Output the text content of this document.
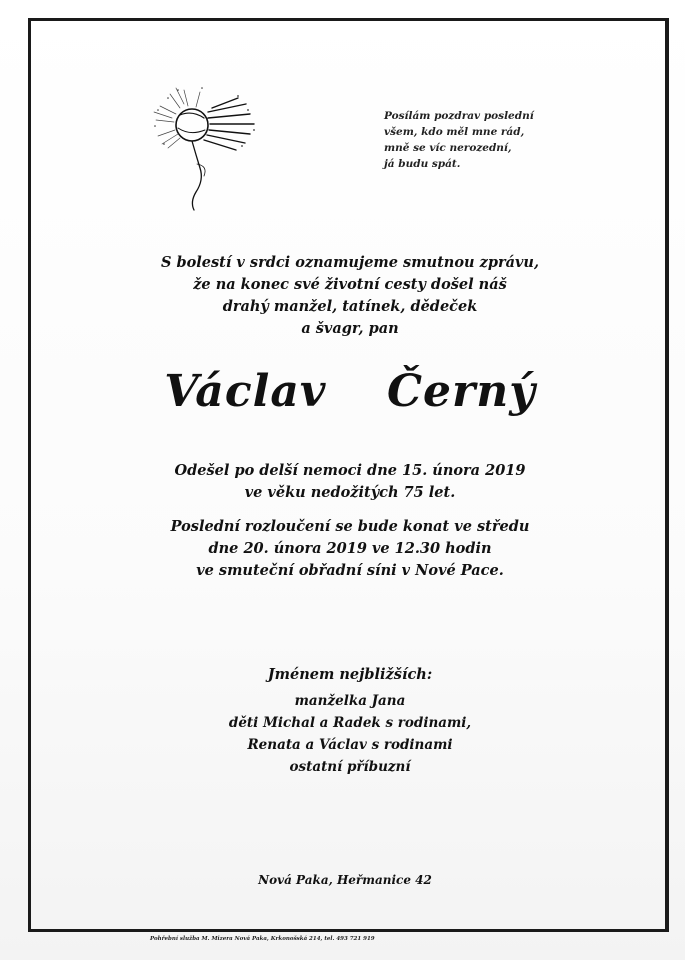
Posílám pozdrav poslední
všem, kdo měl mne rád,
mně se víc nerozední,
já budu spát.
S bolestí v srdci oznamujeme smutnou zprávu,
že na konec své životní cesty došel náš
drahý manžel, tatínek, dědeček
a švagr, pan
Václav  Černý
Odešel po delší nemoci dne 15. února 2019
ve věku nedožitých 75 let.
Poslední rozloučení se bude konat ve středu
dne 20. února 2019 ve 12.30 hodin
ve smuteční obřadní síni v Nové Pace.
Jménem nejbližších:
manželka Jana
děti Michal a Radek s rodinami,
Renata a Václav s rodinami
ostatní příbuzní
Nová Paka, Heřmanice 42
Pohřební služba M. Mizera Nová Paka, Krkonošská 214, tel. 493 721 919
